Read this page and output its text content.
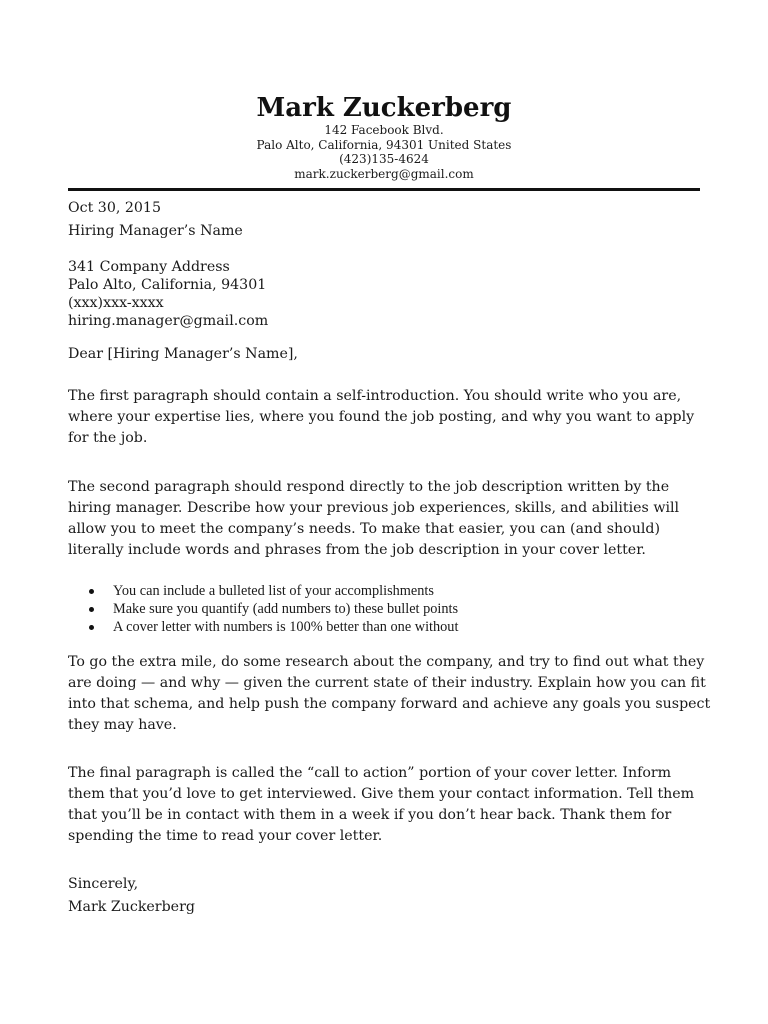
Mark Zuckerberg
142 Facebook Blvd.
Palo Alto, California, 94301 United States
(423)135-4624
mark.zuckerberg@gmail.com
Oct 30, 2015
Hiring Manager’s Name
341 Company Address
Palo Alto, California, 94301
(xxx)xxx-xxxx
hiring.manager@gmail.com
Dear [Hiring Manager’s Name],
The first paragraph should contain a self-introduction. You should write who you are,
where your expertise lies, where you found the job posting, and why you want to apply
for the job.
The second paragraph should respond directly to the job description written by the
hiring manager. Describe how your previous job experiences, skills, and abilities will
allow you to meet the company’s needs. To make that easier, you can (and should)
literally include words and phrases from the job description in your cover letter.
You can include a bulleted list of your accomplishments
Make sure you quantify (add numbers to) these bullet points
A cover letter with numbers is 100% better than one without
To go the extra mile, do some research about the company, and try to find out what they
are doing — and why — given the current state of their industry. Explain how you can fit
into that schema, and help push the company forward and achieve any goals you suspect
they may have.
The final paragraph is called the “call to action” portion of your cover letter. Inform
them that you’d love to get interviewed. Give them your contact information. Tell them
that you’ll be in contact with them in a week if you don’t hear back. Thank them for
spending the time to read your cover letter.
Sincerely,
Mark Zuckerberg
